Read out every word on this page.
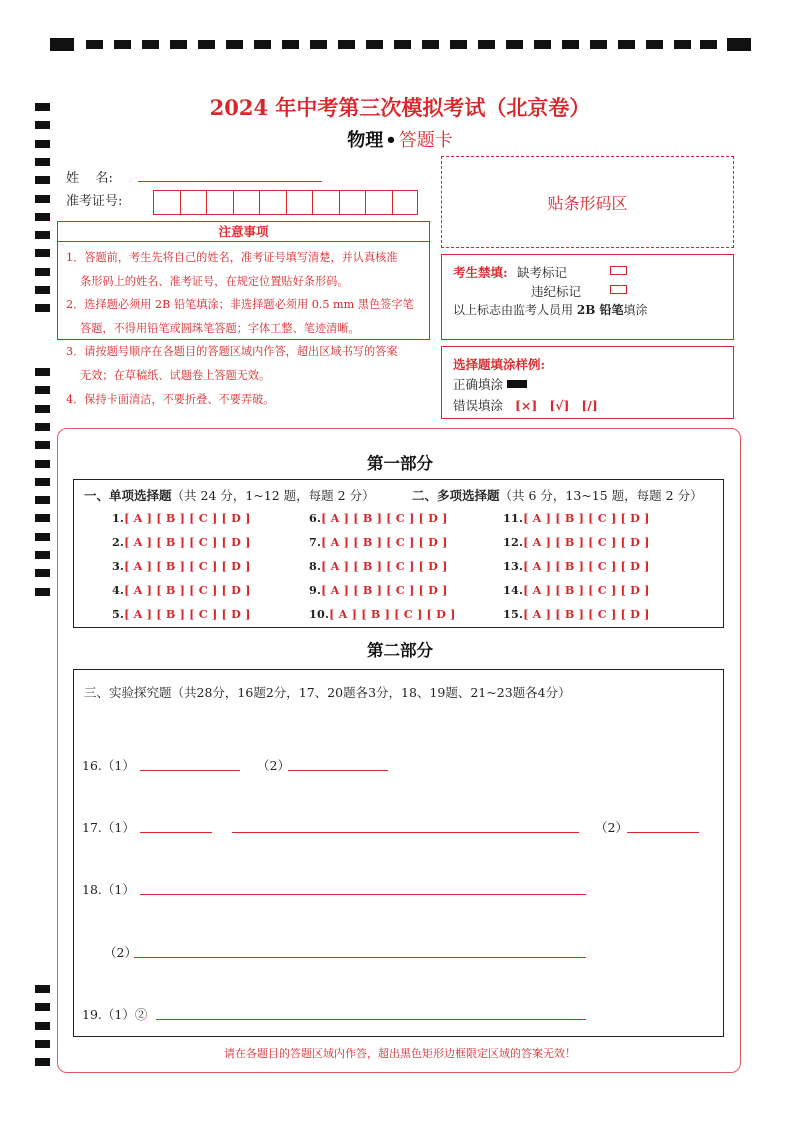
2024 年中考第三次模拟考试（北京卷）
物理 • 答题卡
姓    名:
准考证号:	贴条形码区
注意事项
1．答题前，考生先将自己的姓名，准考证号填写清楚，并认真核准
条形码上的姓名、准考证号，在规定位置贴好条形码。
2．选择题必须用 2B 铅笔填涂；非选择题必须用 0.5 mm 黑色签字笔
答题，不得用铅笔或圆珠笔答题；字体工整、笔迹清晰。
3．请按题号顺序在各题目的答题区域内作答，超出区域书写的答案
无效；在草稿纸、试题卷上答题无效。
4．保持卡面清洁，不要折叠、不要弄破。
考生禁填: 缺考标记
违纪标记
以上标志由监考人员用 2B 铅笔填涂
选择题填涂样例:
正确填涂
错误填涂 [×] [√] [/]
第一部分
一、单项选择题（共 24 分，1~12 题，每题 2 分）	二、多项选择题（共 6 分，13~15 题，每题 2 分）
1.[ A ] [ B ] [ C ] [ D ]
2.[ A ] [ B ] [ C ] [ D ]
3.[ A ] [ B ] [ C ] [ D ]
4.[ A ] [ B ] [ C ] [ D ]
5.[ A ] [ B ] [ C ] [ D ]
6.[ A ] [ B ] [ C ] [ D ]
7.[ A ] [ B ] [ C ] [ D ]
8.[ A ] [ B ] [ C ] [ D ]
9.[ A ] [ B ] [ C ] [ D ]
10.[ A ] [ B ] [ C ] [ D ]
11.[ A ] [ B ] [ C ] [ D ]
12.[ A ] [ B ] [ C ] [ D ]
13.[ A ] [ B ] [ C ] [ D ]
14.[ A ] [ B ] [ C ] [ D ]
15.[ A ] [ B ] [ C ] [ D ]
第二部分
三、实验探究题（共28分，16题2分，17、20题各3分，18、19题、21~23题各4分）
16.（1）	（2）
17.（1）	（2）
18.（1）
（2）
19.（1）②
请在各题目的答题区域内作答，超出黑色矩形边框限定区域的答案无效！
